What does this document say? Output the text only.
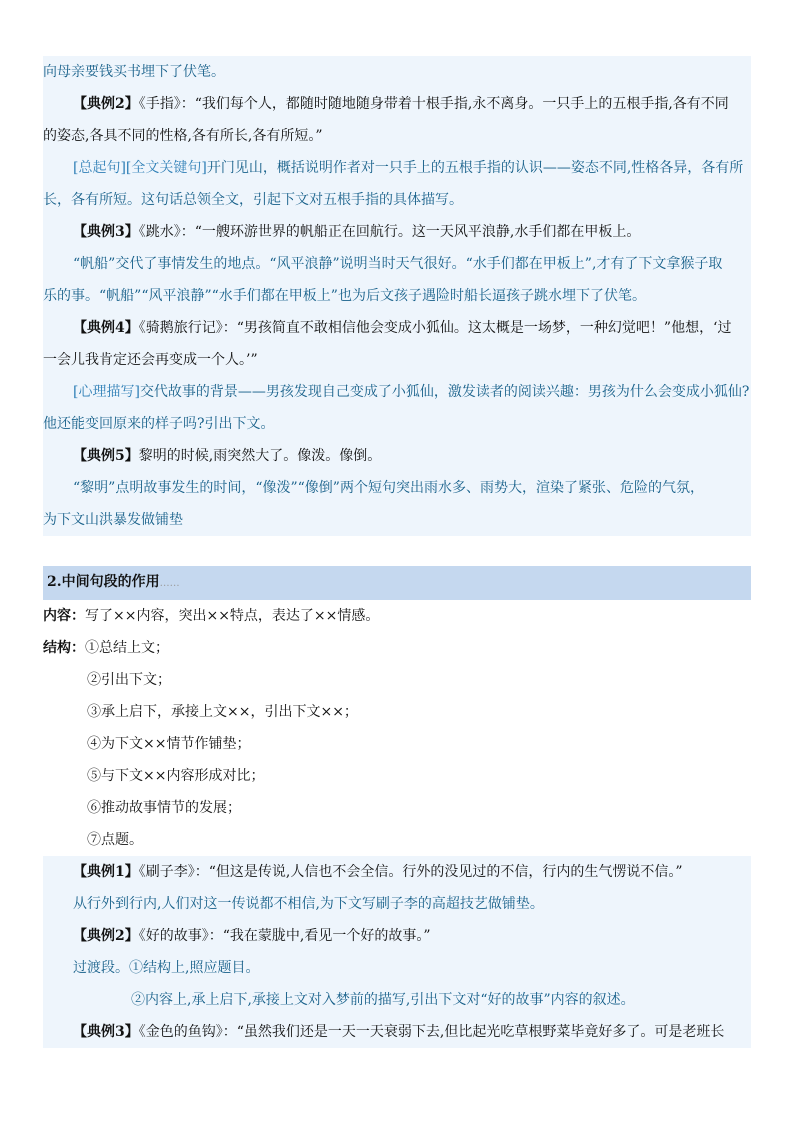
向母亲要钱买书埋下了伏笔。
【典例2】《手指》：“我们每个人，都随时随地随身带着十根手指,永不离身。一只手上的五根手指,各有不同
的姿态,各具不同的性格,各有所长,各有所短。”
[总起句][全文关键句]开门见山，概括说明作者对一只手上的五根手指的认识——姿态不同,性格各异，各有所
长，各有所短。这句话总领全文，引起下文对五根手指的具体描写。
【典例3】《跳水》：“一艘环游世界的帆船正在回航行。这一天风平浪静,水手们都在甲板上。
“帆船”交代了事情发生的地点。“风平浪静”说明当时天气很好。“水手们都在甲板上”,才有了下文拿猴子取
乐的事。“帆船”“风平浪静”“水手们都在甲板上”也为后文孩子遇险时船长逼孩子跳水埋下了伏笔。
【典例4】《骑鹅旅行记》：“男孩简直不敢相信他会变成小狐仙。这太概是一场梦，一种幻觉吧！”他想，‘过
一会儿我肯定还会再变成一个人。’”
[心理描写]交代故事的背景——男孩发现自己变成了小狐仙，激发读者的阅读兴趣：男孩为什么会变成小狐仙?
他还能变回原来的样子吗?引出下文。
【典例5】黎明的时候,雨突然大了。像泼。像倒。
“黎明”点明故事发生的时间，“像泼”“像倒”两个短句突出雨水多、雨势大，渲染了紧张、危险的气氛，
为下文山洪暴发做铺垫
2.中间句段的作用……
内容：写了××内容，突出××特点，表达了××情感。
结构：①总结上文；
②引出下文；
③承上启下，承接上文××，引出下文××；
④为下文××情节作铺垫；
⑤与下文××内容形成对比；
⑥推动故事情节的发展；
⑦点题。
【典例1】《刷子李》：“但这是传说,人信也不会全信。行外的没见过的不信，行内的生气愣说不信。”
从行外到行内,人们对这一传说都不相信,为下文写刷子李的高超技艺做铺垫。
【典例2】《好的故事》：“我在蒙胧中,看见一个好的故事。”
过渡段。①结构上,照应题目。
②内容上,承上启下,承接上文对入梦前的描写,引出下文对“好的故事”内容的叙述。
【典例3】《金色的鱼钩》：“虽然我们还是一天一天衰弱下去,但比起光吃草根野菜毕竟好多了。可是老班长
